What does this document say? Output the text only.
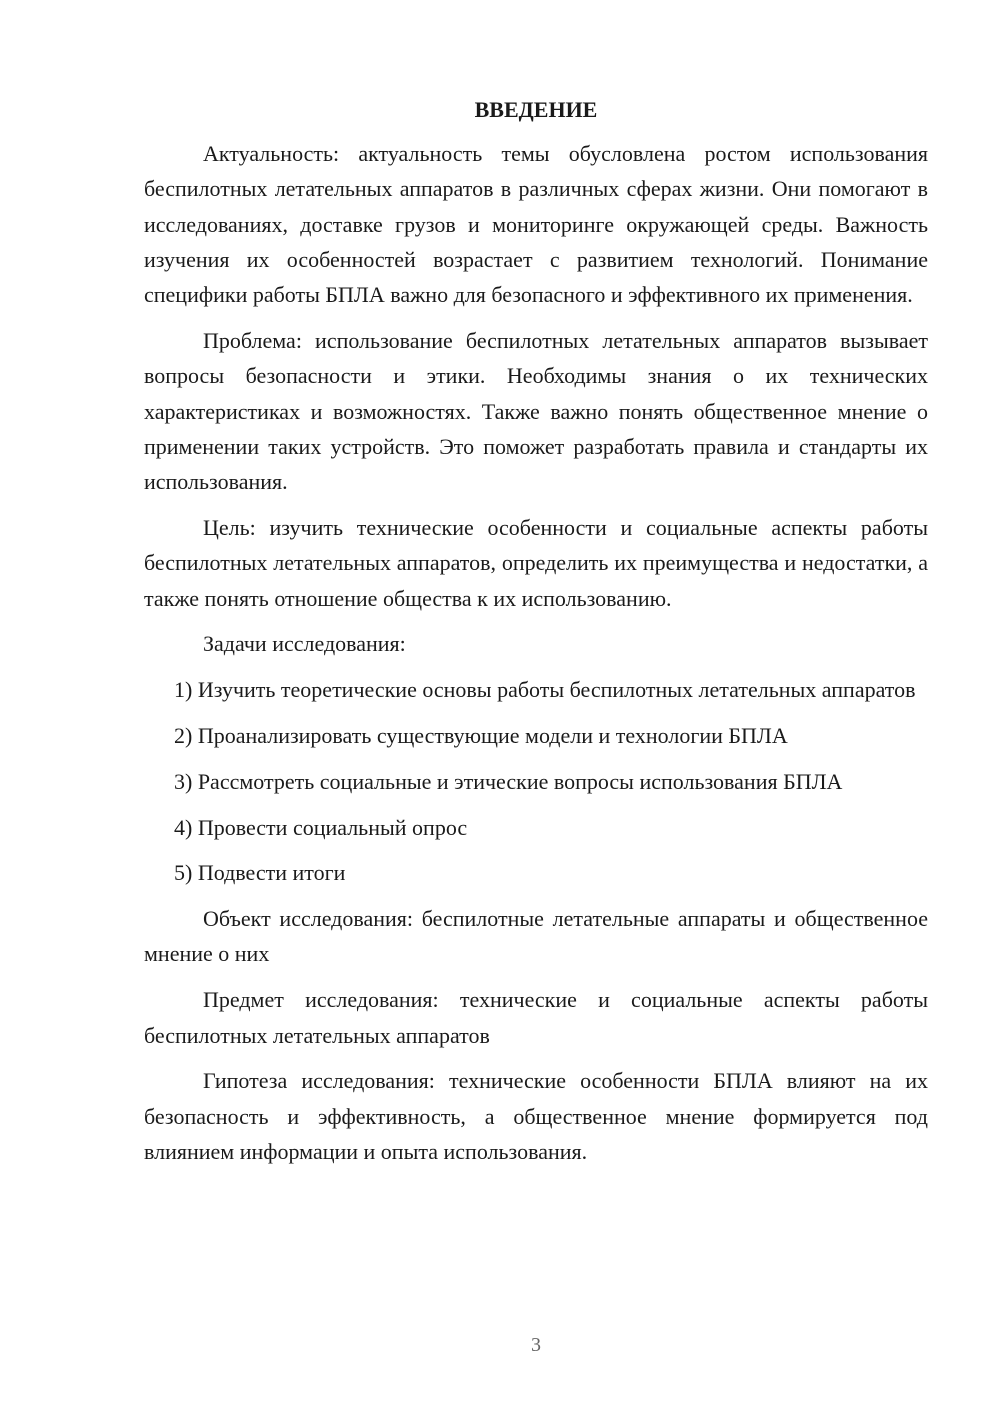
ВВЕДЕНИЕ

Актуальность: актуальность темы обусловлена ростом использования беспилотных летательных аппаратов в различных сферах жизни. Они помогают в исследованиях, доставке грузов и мониторинге окружающей среды. Важность изучения их особенностей возрастает с развитием технологий. Понимание специфики работы БПЛА важно для безопасного и эффективного их применения.

Проблема: использование беспилотных летательных аппаратов вызывает вопросы безопасности и этики. Необходимы знания о их технических характеристиках и возможностях. Также важно понять общественное мнение о применении таких устройств. Это поможет разработать правила и стандарты их использования.

Цель: изучить технические особенности и социальные аспекты работы беспилотных летательных аппаратов, определить их преимущества и недостатки, а также понять отношение общества к их использованию.

Задачи исследования:

1) Изучить теоретические основы работы беспилотных летательных аппаратов

2) Проанализировать существующие модели и технологии БПЛА

3) Рассмотреть социальные и этические вопросы использования БПЛА

4) Провести социальный опрос

5) Подвести итоги

Объект исследования: беспилотные летательные аппараты и общественное мнение о них

Предмет исследования: технические и социальные аспекты работы беспилотных летательных аппаратов

Гипотеза исследования: технические особенности БПЛА влияют на их безопасность и эффективность, а общественное мнение формируется под влиянием информации и опыта использования.

3
